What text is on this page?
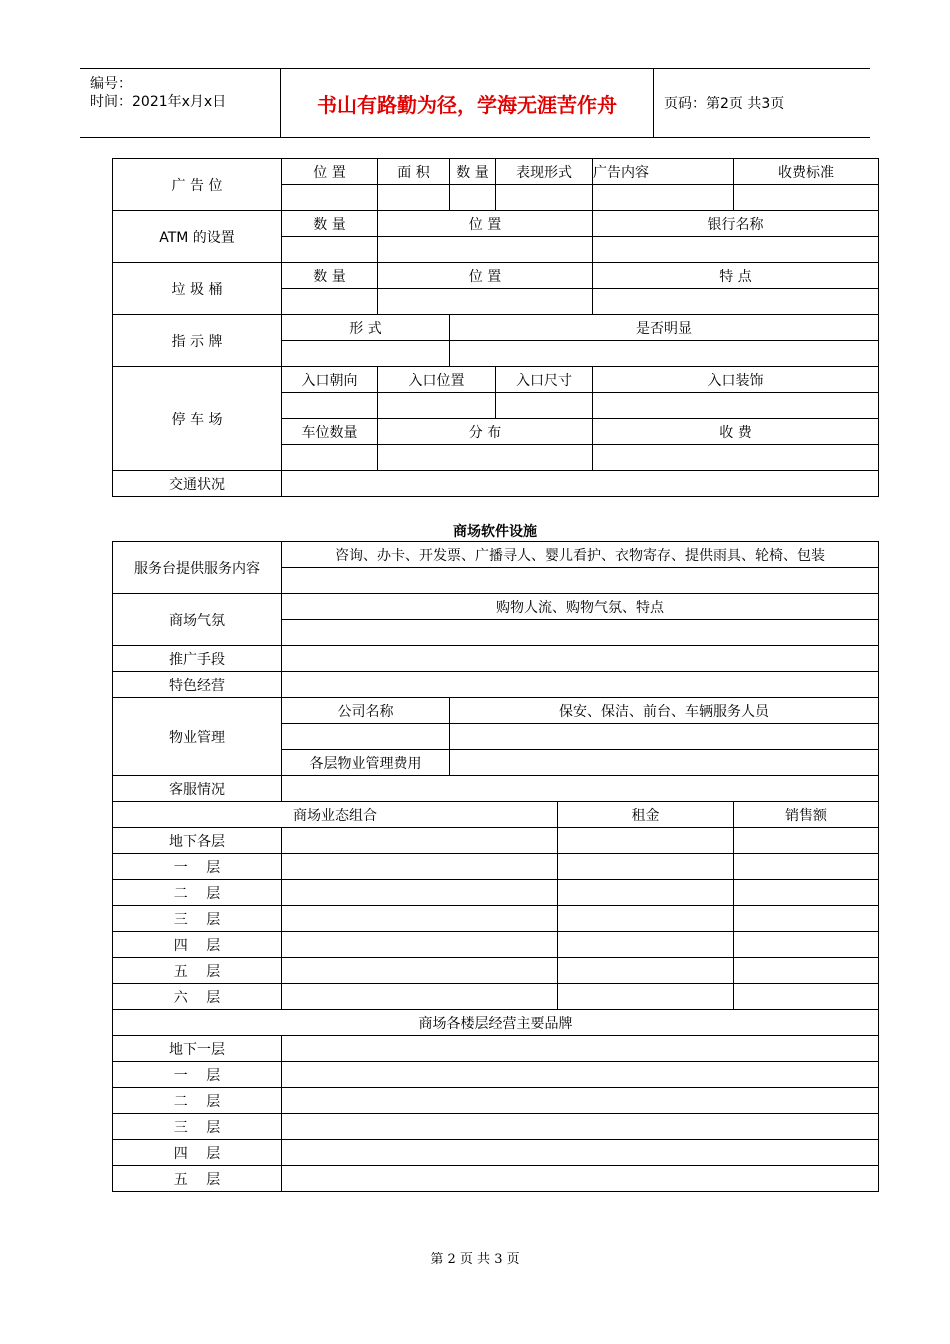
编号：
时间：2021年x月x日	书山有路勤为径，学海无涯苦作舟	页码：第2页 共3页
广 告 位	位 置	面 积	数 量	表现形式	广告内容	收费标准

ATM 的设置	数 量	位 置			银行名称	

垃 圾 桶	数 量	位 置			特 点	

指 示 牌	形 式		是否明显			

停 车 场	入口朝向	入口位置		入口尺寸	入口装饰	

	车位数量	分 布			收 费	

交通状况						
商场软件设施
服务台提供服务内容	咨询、办卡、开发票、广播寻人、婴儿看护、衣物寄存、提供雨具、轮椅、包装			

商场气氛	购物人流、购物气氛、特点			

推广手段				
特色经营				
物业管理	公司名称	保安、保洁、前台、车辆服务人员		

	各层物业管理费用			
客服情况				
商场业态组合			租金	销售额
地下各层				
一　 层				
二　 层				
三　 层				
四　 层				
五　 层				
六　 层				
商场各楼层经营主要品牌				
地下一层				
一　 层				
二　 层				
三　 层				
四　 层				
五　 层				
第 2 页 共 3 页
